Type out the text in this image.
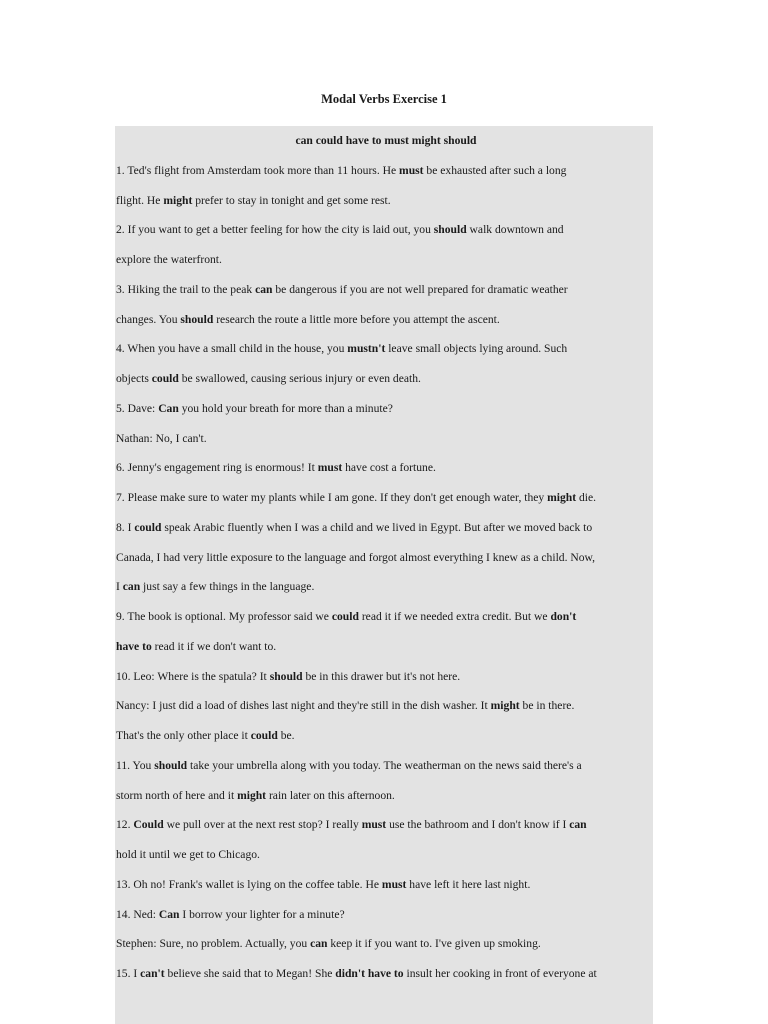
Modal Verbs Exercise 1
can could have to must might should
1. Ted's flight from Amsterdam took more than 11 hours. He must be exhausted after such a long
flight. He might prefer to stay in tonight and get some rest.
2. If you want to get a better feeling for how the city is laid out, you should walk downtown and
explore the waterfront.
3. Hiking the trail to the peak can be dangerous if you are not well prepared for dramatic weather
changes. You should research the route a little more before you attempt the ascent.
4. When you have a small child in the house, you mustn't leave small objects lying around. Such
objects could be swallowed, causing serious injury or even death.
5. Dave: Can you hold your breath for more than a minute?
Nathan: No, I can't.
6. Jenny's engagement ring is enormous! It must have cost a fortune.
7. Please make sure to water my plants while I am gone. If they don't get enough water, they might die.
8. I could speak Arabic fluently when I was a child and we lived in Egypt. But after we moved back to
Canada, I had very little exposure to the language and forgot almost everything I knew as a child. Now,
I can just say a few things in the language.
9. The book is optional. My professor said we could read it if we needed extra credit. But we don't
have to read it if we don't want to.
10. Leo: Where is the spatula? It should be in this drawer but it's not here.
Nancy: I just did a load of dishes last night and they're still in the dish washer. It might be in there.
That's the only other place it could be.
11. You should take your umbrella along with you today. The weatherman on the news said there's a
storm north of here and it might rain later on this afternoon.
12. Could we pull over at the next rest stop? I really must use the bathroom and I don't know if I can
hold it until we get to Chicago.
13. Oh no! Frank's wallet is lying on the coffee table. He must have left it here last night.
14. Ned: Can I borrow your lighter for a minute?
Stephen: Sure, no problem. Actually, you can keep it if you want to. I've given up smoking.
15. I can't believe she said that to Megan! She didn't have to insult her cooking in front of everyone at
